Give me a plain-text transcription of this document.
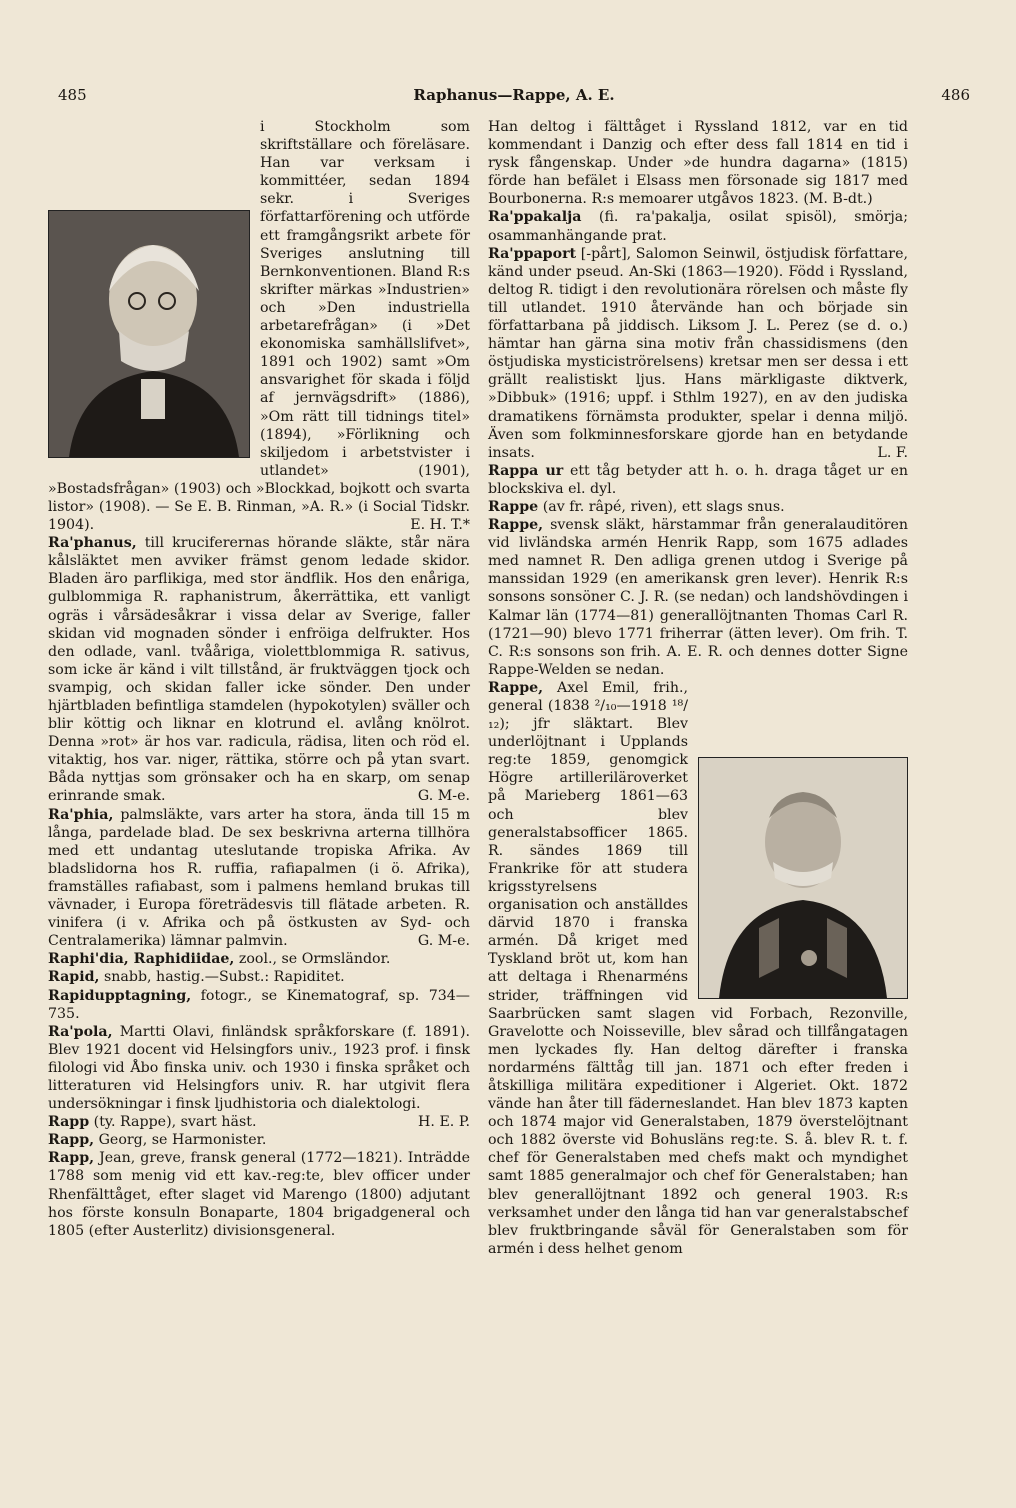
485	Raphanus—Rappe, A. E.	486

i Stockholm som skriftställare och föreläsare. Han var verksam i kommittéer, sedan 1894 sekr. i Sveriges författarförening och utförde ett framgångsrikt arbete för Sveriges anslutning till Bernkonventionen. Bland R:s skrifter märkas »Industrien» och »Den industriella arbetarefrågan» (i »Det ekonomiska samhällslifvet», 1891 och 1902) samt »Om ansvarighet för skada i följd af jernvägsdrift» (1886), »Om rätt till tidnings titel» (1894), »Förlikning och skiljedom i arbetstvister i utlandet» (1901), »Bostadsfrågan» (1903) och »Blockkad, bojkott och svarta listor» (1908). — Se E. B. Rinman, »A. R.» (i Social Tidskr. 1904).	E. H. T.*

Ra'phanus, till kruciferernas hörande släkte, står nära kålsläktet men avviker främst genom ledade skidor. Bladen äro parflikiga, med stor ändflik. Hos den enåriga, gulblommiga R. raphanistrum, åkerrättika, ett vanligt ogräs i vårsädesåkrar i vissa delar av Sverige, faller skidan vid mognaden sönder i enfröiga delfrukter. Hos den odlade, vanl. tvååriga, violettblommiga R. sativus, som icke är känd i vilt tillstånd, är fruktväggen tjock och svampig, och skidan faller icke sönder. Den under hjärtbladen befintliga stamdelen (hypokotylen) sväller och blir köttig och liknar en klotrund el. avlång knölrot. Denna »rot» är hos var. radicula, rädisa, liten och röd el. vitaktig, hos var. niger, rättika, större och på ytan svart. Båda nyttjas som grönsaker och ha en skarp, om senap erinrande smak.	G. M-e.

Ra'phia, palmsläkte, vars arter ha stora, ända till 15 m långa, pardelade blad. De sex beskrivna arterna tillhöra med ett undantag uteslutande tropiska Afrika. Av bladslidorna hos R. ruffia, rafiapalmen (i ö. Afrika), framställes rafiabast, som i palmens hemland brukas till vävnader, i Europa företrädesvis till flätade arbeten. R. vinifera (i v. Afrika och på östkusten av Syd- och Centralamerika) lämnar palmvin.	G. M-e.

Raphi'dia, Raphidiidae, zool., se Ormsländor.

Rapid, snabb, hastig.—Subst.: Rapiditet.

Rapidupptagning, fotogr., se Kinematograf, sp. 734—735.

Ra'pola, Martti Olavi, finländsk språkforskare (f. 1891). Blev 1921 docent vid Helsingfors univ., 1923 prof. i finsk filologi vid Åbo finska univ. och 1930 i finska språket och litteraturen vid Helsingfors univ. R. har utgivit flera undersökningar i finsk ljudhistoria och dialektologi.
H. E. P.

Rapp (ty. Rappe), svart häst.

Rapp, Georg, se Harmonister.

Rapp, Jean, greve, fransk general (1772—1821). Inträdde 1788 som menig vid ett kav.-reg:te, blev officer under Rhenfälttåget, efter slaget vid Marengo (1800) adjutant hos förste konsuln Bonaparte, 1804 brigadgeneral och 1805 (efter Austerlitz) divisionsgeneral.

Han deltog i fälttåget i Ryssland 1812, var en tid kommendant i Danzig och efter dess fall 1814 en tid i rysk fångenskap. Under »de hundra dagarna» (1815) förde han befälet i Elsass men försonade sig 1817 med Bourbonerna. R:s memoarer utgåvos 1823. (M. B-dt.)

Ra'ppakalja (fi. ra'pakalja, osilat spisöl), smörja; osammanhängande prat.

Ra'ppaport [-pårt], Salomon Seinwil, östjudisk författare, känd under pseud. An-Ski (1863—1920). Född i Ryssland, deltog R. tidigt i den revolutionära rörelsen och måste fly till utlandet. 1910 återvände han och började sin författarbana på jiddisch. Liksom J. L. Perez (se d. o.) hämtar han gärna sina motiv från chassidismens (den östjudiska mysticiströrelsens) kretsar men ser dessa i ett grällt realistiskt ljus. Hans märkligaste diktverk, »Dibbuk» (1916; uppf. i Sthlm 1927), en av den judiska dramatikens förnämsta produkter, spelar i denna miljö. Även som folkminnesforskare gjorde han en betydande insats.	L. F.

Rappa ur ett tåg betyder att h. o. h. draga tåget ur en blockskiva el. dyl.

Rappe (av fr. râpé, riven), ett slags snus.

Rappe, svensk släkt, härstammar från generalauditören vid livländska armén Henrik Rapp, som 1675 adlades med namnet R. Den adliga grenen utdog i Sverige på manssidan 1929 (en amerikansk gren lever). Henrik R:s sonsons sonsöner C. J. R. (se nedan) och landshövdingen i Kalmar län (1774—81) generallöjtnanten Thomas Carl R. (1721—90) blevo 1771 friherrar (ätten lever). Om frih. T. C. R:s sonsons son frih. A. E. R. och dennes dotter Signe Rappe-Welden se nedan.

Rappe, Axel Emil, frih., general (1838 ²/₁₀—1918 ¹⁸/₁₂); jfr släktart. Blev underlöjtnant i Upplands reg:te 1859, genomgick Högre artilleriläroverket på Marieberg 1861—63 och blev generalstabsofficer 1865. R. sändes 1869 till Frankrike för att studera krigsstyrelsens organisation och anställdes därvid 1870 i franska armén. Då kriget med Tyskland bröt ut, kom han att deltaga i Rhenarméns strider, träffningen vid Saarbrücken samt slagen vid Forbach, Rezonville, Gravelotte och Noisseville, blev sårad och tillfångatagen men lyckades fly. Han deltog därefter i franska nordarméns fälttåg till jan. 1871 och efter freden i åtskilliga militära expeditioner i Algeriet. Okt. 1872 vände han åter till fäderneslandet. Han blev 1873 kapten och 1874 major vid Generalstaben, 1879 överstelöjtnant och 1882 överste vid Bohusläns reg:te. S. å. blev R. t. f. chef för Generalstaben med chefs makt och myndighet samt 1885 generalmajor och chef för Generalstaben; han blev generallöjtnant 1892 och general 1903. R:s verksamhet under den långa tid han var generalstabschef blev fruktbringande såväl för Generalstaben som för armén i dess helhet genom
